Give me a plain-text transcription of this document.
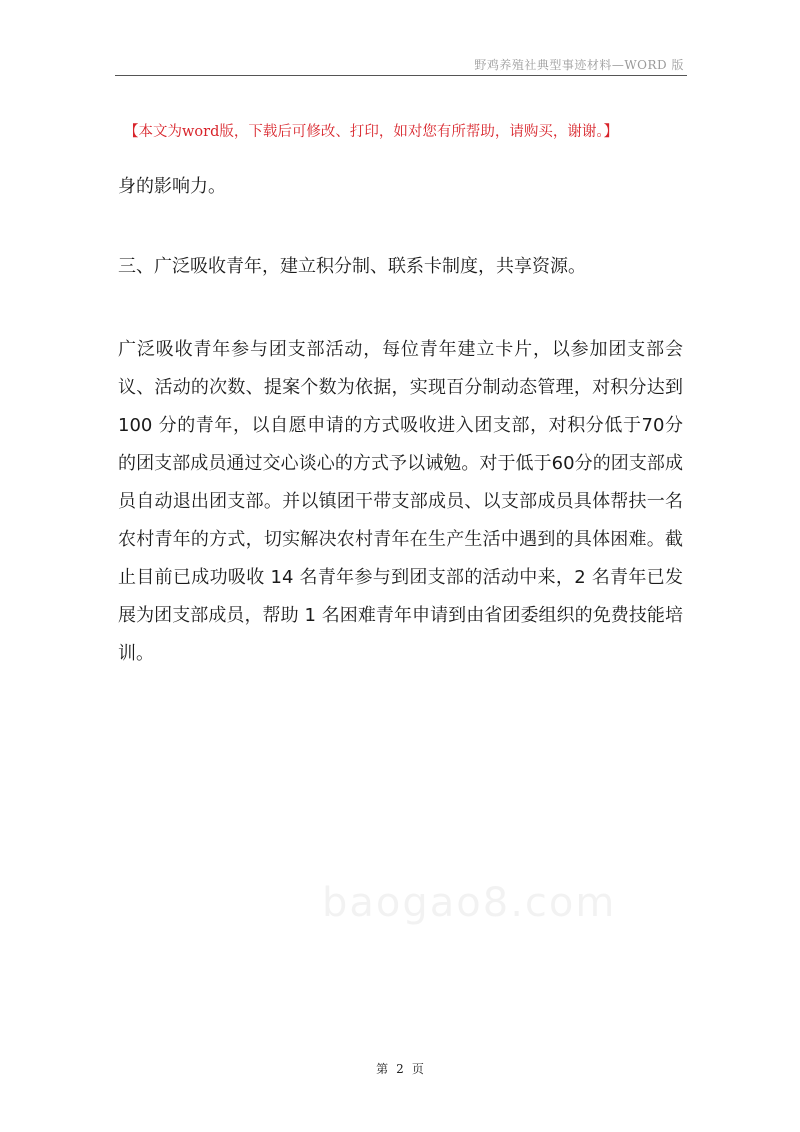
野鸡养殖社典型事迹材料—WORD 版
【本文为word版，下载后可修改、打印，如对您有所帮助，请购买，谢谢。】

身的影响力。

三、广泛吸收青年，建立积分制、联系卡制度，共享资源。

广泛吸收青年参与团支部活动，每位青年建立卡片，以参加团支部会议、活动的次数、提案个数为依据，实现百分制动态管理，对积分达到 100 分的青年，以自愿申请的方式吸收进入团支部，对积分低于70分的团支部成员通过交心谈心的方式予以诫勉。对于低于60分的团支部成员自动退出团支部。并以镇团干带支部成员、以支部成员具体帮扶一名农村青年的方式，切实解决农村青年在生产生活中遇到的具体困难。截止目前已成功吸收 14 名青年参与到团支部的活动中来，2 名青年已发展为团支部成员，帮助 1 名困难青年申请到由省团委组织的免费技能培训。

baogao8.com
第 2 页
